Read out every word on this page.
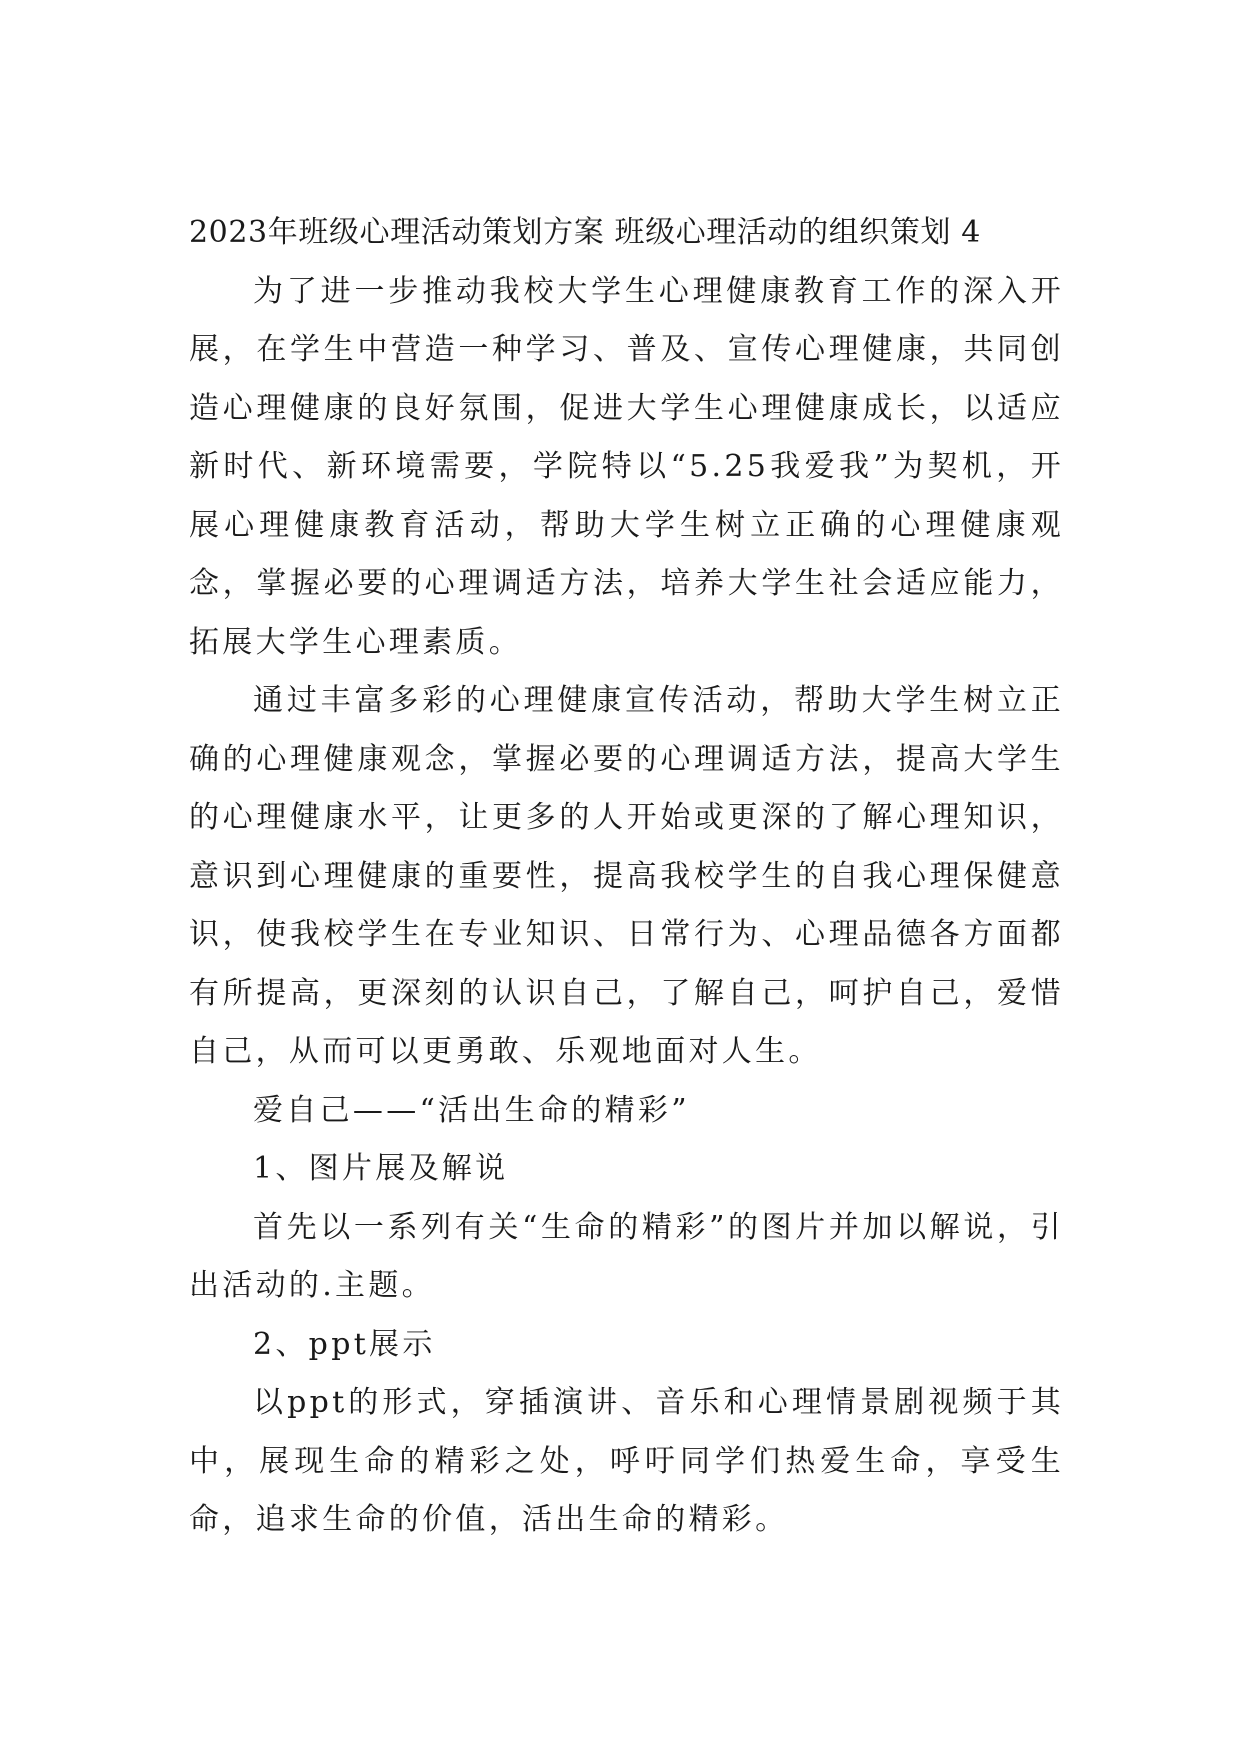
2023年班级心理活动策划方案 班级心理活动的组织策划 4

为了进一步推动我校大学生心理健康教育工作的深入开展，在学生中营造一种学习、普及、宣传心理健康，共同创造心理健康的良好氛围，促进大学生心理健康成长，以适应新时代、新环境需要，学院特以“5.25我爱我”为契机，开展心理健康教育活动，帮助大学生树立正确的心理健康观念，掌握必要的心理调适方法，培养大学生社会适应能力，拓展大学生心理素质。

通过丰富多彩的心理健康宣传活动，帮助大学生树立正确的心理健康观念，掌握必要的心理调适方法，提高大学生的心理健康水平，让更多的人开始或更深的了解心理知识，意识到心理健康的重要性，提高我校学生的自我心理保健意识，使我校学生在专业知识、日常行为、心理品德各方面都有所提高，更深刻的认识自己，了解自己，呵护自己，爱惜自己，从而可以更勇敢、乐观地面对人生。

爱自己——“活出生命的精彩”

1、图片展及解说

首先以一系列有关“生命的精彩”的图片并加以解说，引出活动的.主题。

2、ppt展示

以ppt的形式，穿插演讲、音乐和心理情景剧视频于其中，展现生命的精彩之处，呼吁同学们热爱生命，享受生命，追求生命的价值，活出生命的精彩。
